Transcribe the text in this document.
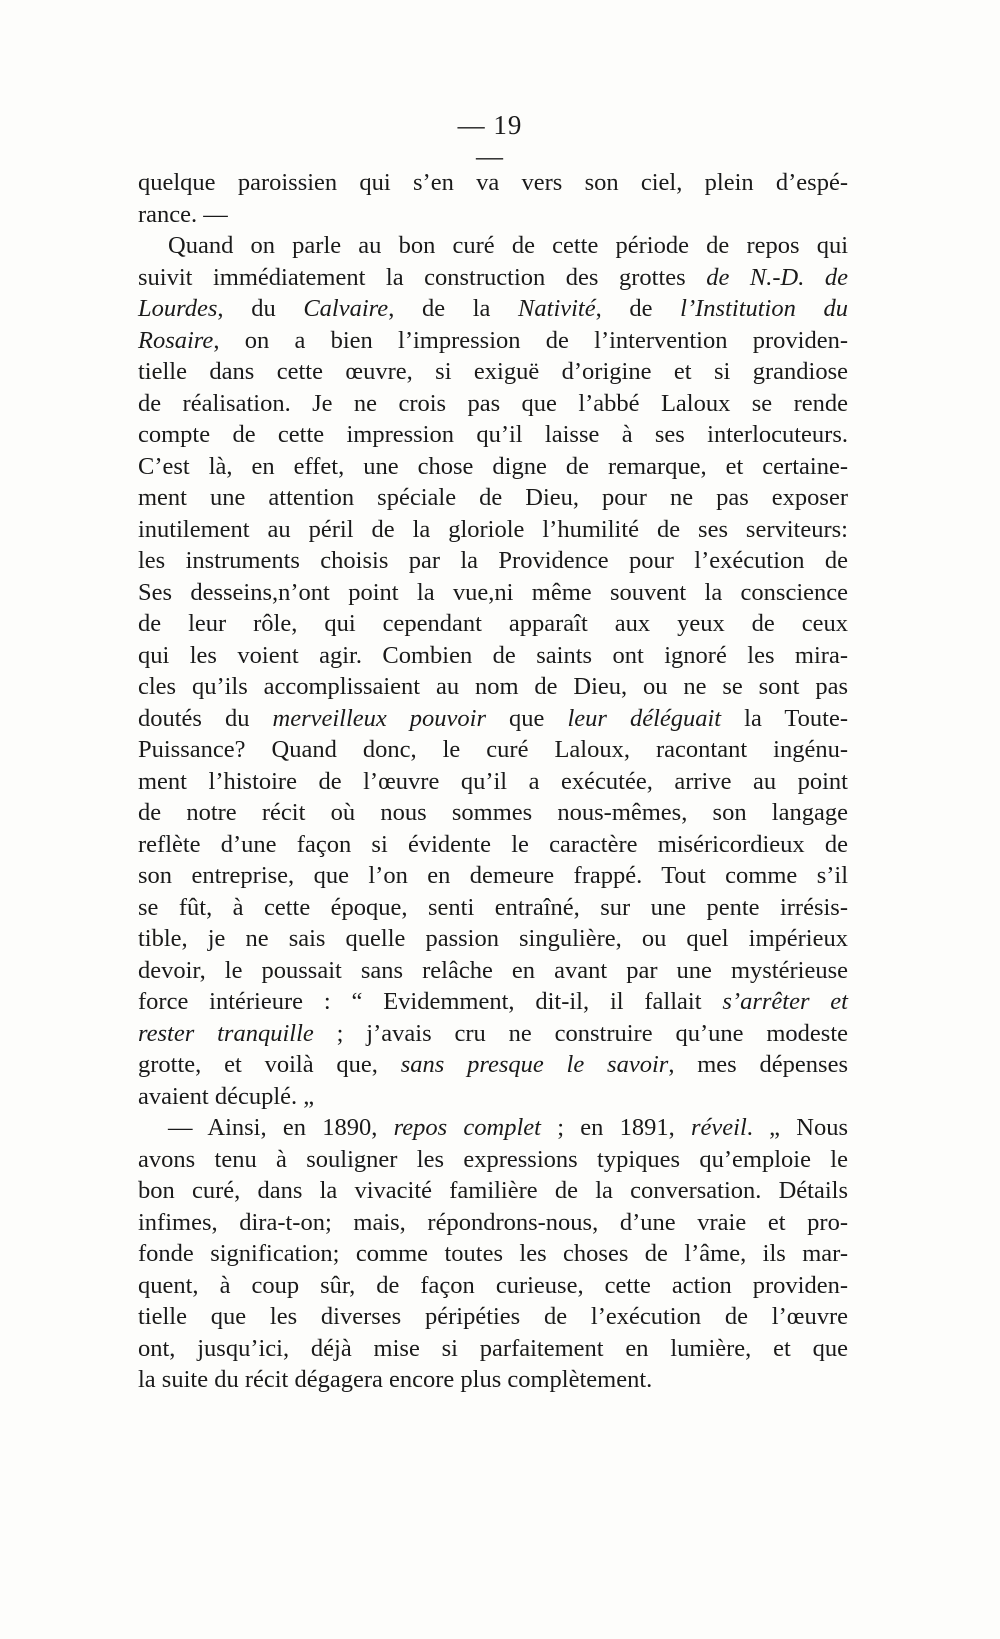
— 19 —
quelque paroissien qui s’en va vers son ciel, plein d’espé-
rance. —
Quand on parle au bon curé de cette période de repos qui
suivit immédiatement la construction des grottes de N.-D. de
Lourdes, du Calvaire, de la Nativité, de l’Institution du
Rosaire, on a bien l’impression de l’intervention providen-
tielle dans cette œuvre, si exiguë d’origine et si grandiose
de réalisation. Je ne crois pas que l’abbé Laloux se rende
compte de cette impression qu’il laisse à ses interlocuteurs.
C’est là, en effet, une chose digne de remarque, et certaine-
ment une attention spéciale de Dieu, pour ne pas exposer
inutilement au péril de la gloriole l’humilité de ses serviteurs:
les instruments choisis par la Providence pour l’exécution de
Ses desseins,n’ont point la vue,ni même souvent la conscience
de leur rôle, qui cependant apparaît aux yeux de ceux
qui les voient agir. Combien de saints ont ignoré les mira-
cles qu’ils accomplissaient au nom de Dieu, ou ne se sont pas
doutés du merveilleux pouvoir que leur déléguait la Toute-
Puissance? Quand donc, le curé Laloux, racontant ingénu-
ment l’histoire de l’œuvre qu’il a exécutée, arrive au point
de notre récit où nous sommes nous-mêmes, son langage
reflète d’une façon si évidente le caractère miséricordieux de
son entreprise, que l’on en demeure frappé. Tout comme s’il
se fût, à cette époque, senti entraîné, sur une pente irrésis-
tible, je ne sais quelle passion singulière, ou quel impérieux
devoir, le poussait sans relâche en avant par une mystérieuse
force intérieure : “ Evidemment, dit-il, il fallait s’arrêter et
rester tranquille ; j’avais cru ne construire qu’une modeste
grotte, et voilà que, sans presque le savoir, mes dépenses
avaient décuplé. „
— Ainsi, en 1890, repos complet ; en 1891, réveil. „ Nous
avons tenu à souligner les expressions typiques qu’emploie le
bon curé, dans la vivacité familière de la conversation. Détails
infimes, dira-t-on; mais, répondrons-nous, d’une vraie et pro-
fonde signification; comme toutes les choses de l’âme, ils mar-
quent, à coup sûr, de façon curieuse, cette action providen-
tielle que les diverses péripéties de l’exécution de l’œuvre
ont, jusqu’ici, déjà mise si parfaitement en lumière, et que
la suite du récit dégagera encore plus complètement.
